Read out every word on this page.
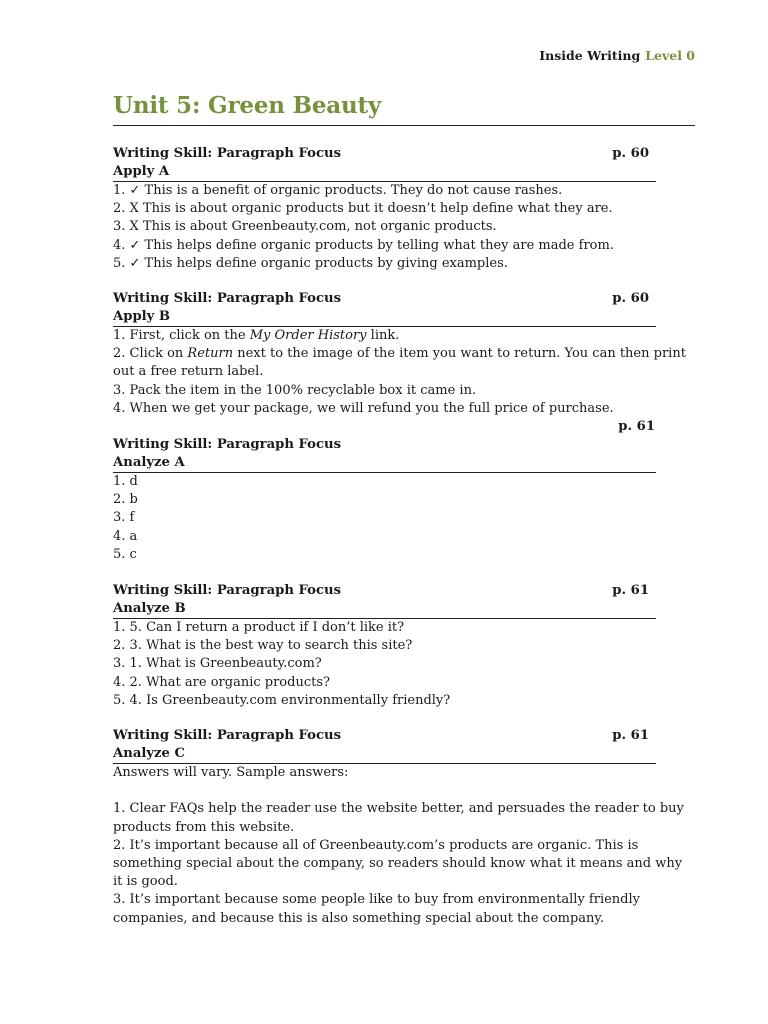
Inside Writing Level 0
Unit 5: Green Beauty
Writing Skill: Paragraph Focus	p. 60
Apply A
1. ✓ This is a benefit of organic products. They do not cause rashes.
2. X This is about organic products but it doesn’t help define what they are.
3. X This is about Greenbeauty.com, not organic products.
4. ✓ This helps define organic products by telling what they are made from.
5. ✓ This helps define organic products by giving examples.
Writing Skill: Paragraph Focus	p. 60
Apply B
1. First, click on the My Order History link.
2. Click on Return next to the image of the item you want to return. You can then print out a free return label.
3. Pack the item in the 100% recyclable box it came in.
4. When we get your package, we will refund you the full price of purchase.
p. 61
Writing Skill: Paragraph Focus
Analyze A
1. d
2. b
3. f
4. a
5. c
Writing Skill: Paragraph Focus	p. 61
Analyze B
1. 5. Can I return a product if I don’t like it?
2. 3. What is the best way to search this site?
3. 1. What is Greenbeauty.com?
4. 2. What are organic products?
5. 4. Is Greenbeauty.com environmentally friendly?
Writing Skill: Paragraph Focus	p. 61
Analyze C
Answers will vary. Sample answers:
1. Clear FAQs help the reader use the website better, and persuades the reader to buy products from this website.
2. It’s important because all of Greenbeauty.com’s products are organic. This is something special about the company, so readers should know what it means and why it is good.
3. It’s important because some people like to buy from environmentally friendly companies, and because this is also something special about the company.
